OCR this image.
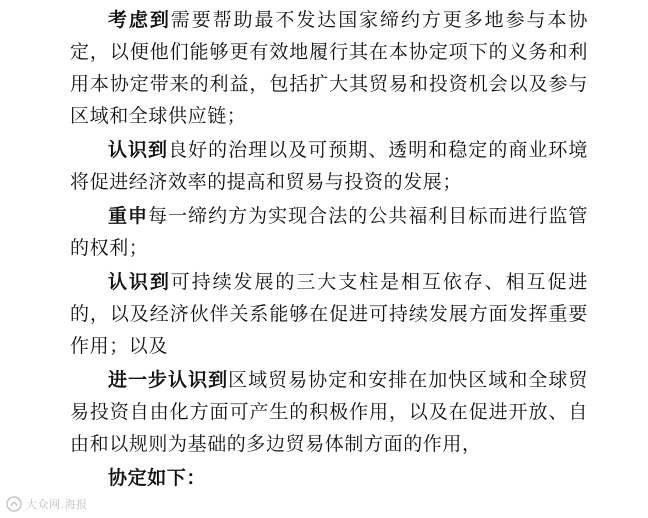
考虑到需要帮助最不发达国家缔约方更多地参与本协定，以便他们能够更有效地履行其在本协定项下的义务和利用本协定带来的利益，包括扩大其贸易和投资机会以及参与区域和全球供应链；

认识到良好的治理以及可预期、透明和稳定的商业环境将促进经济效率的提高和贸易与投资的发展；

重申每一缔约方为实现合法的公共福利目标而进行监管的权利；

认识到可持续发展的三大支柱是相互依存、相互促进的，以及经济伙伴关系能够在促进可持续发展方面发挥重要作用；以及

进一步认识到区域贸易协定和安排在加快区域和全球贸易投资自由化方面可产生的积极作用，以及在促进开放、自由和以规则为基础的多边贸易体制方面的作用，

协定如下：

大众网.海报
